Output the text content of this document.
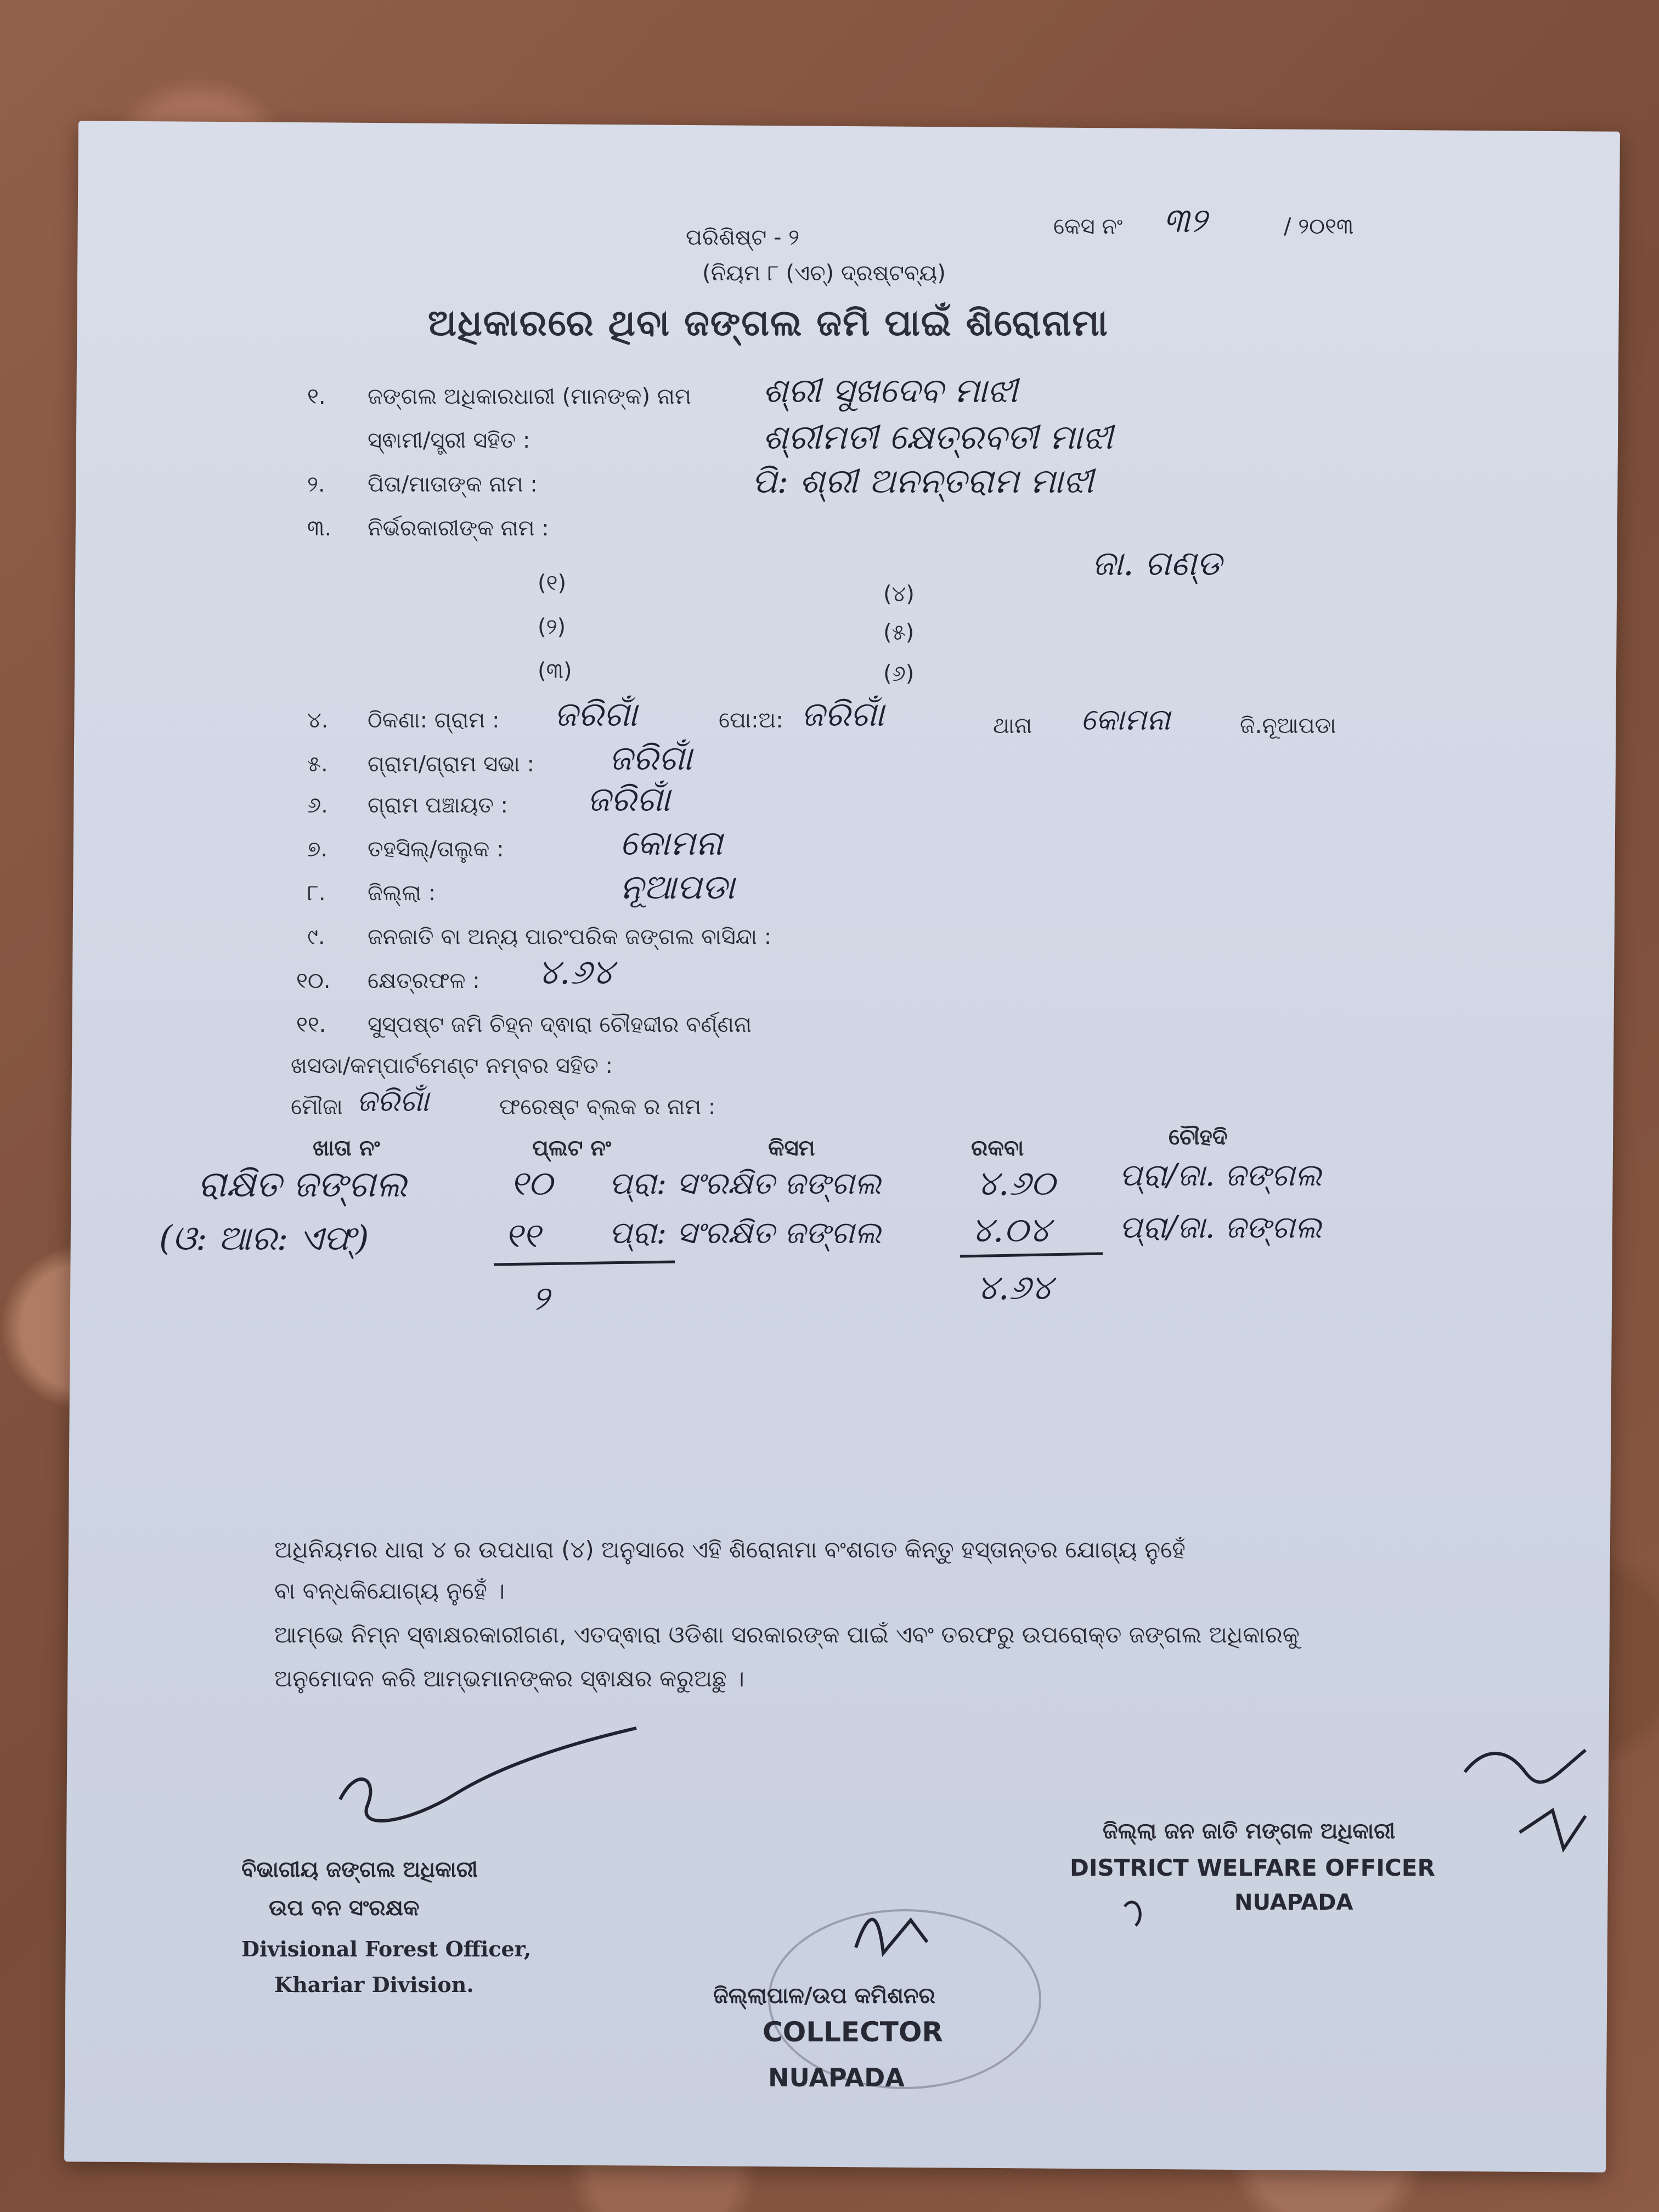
ପରିଶିଷ୍ଟ - ୨	କେସ ନଂ ୩୨	/ ୨୦୧୩
(ନିୟମ ୮ (ଏଚ୍) ଦ୍ରଷ୍ଟବ୍ୟ)
ଅଧିକାରରେ ଥିବା ଜଙ୍ଗଲ ଜମି ପାଇଁ ଶିରୋନାମା
୧. ଜଙ୍ଗଲ ଅଧିକାରଧାରୀ (ମାନଙ୍କ) ନାମ ଶ୍ରୀ ସୁଖଦେବ ମାଝୀ
ସ୍ଵାମୀ/ସ୍ତ୍ରୀ ସହିତ :	ଶ୍ରୀମତୀ କ୍ଷେତ୍ରବତୀ ମାଝୀ
୨. ପିତା/ମାତାଙ୍କ ନାମ :	ପି: ଶ୍ରୀ ଅନନ୍ତରାମ ମାଝୀ
୩. ନିର୍ଭରକାରୀଙ୍କ ନାମ :
ଜା. ଗଣ୍ଡ
(୧)
(୨)
(୩)
(୪)
(୫)
(୬)
୪. ଠିକଣା: ଗ୍ରାମ : ଜରିଗାଁ	ପୋ:ଅ: ଜରିଗାଁ	ଥାନା କୋମନା	ଜି.ନୂଆପଡା
୫. ଗ୍ରାମ/ଗ୍ରାମ ସଭା : ଜରିଗାଁ
୬. ଗ୍ରାମ ପଞ୍ଚାୟତ : ଜରିଗାଁ
୭. ତହସିଲ୍/ତାଲୁକ :	କୋମନା
୮. ଜିଲ୍ଲା :	ନୂଆପଡା
୯. ଜନଜାତି ବା ଅନ୍ୟ ପାରଂପରିକ ଜଙ୍ଗଲ ବାସିନ୍ଦା :
୧୦. କ୍ଷେତ୍ରଫଳ : ୪.୬୪
୧୧. ସୁସ୍ପଷ୍ଟ ଜମି ଚିହ୍ନ ଦ୍ଵାରା ଚୌହଦ୍ଦୀର ବର୍ଣ୍ଣନା
ଖସଡା/କମ୍ପାର୍ଟମେଣ୍ଟ ନମ୍ବର ସହିତ :
ମୌଜା ଜରିଗାଁ	ଫରେଷ୍ଟ ବ୍ଲକ ର ନାମ :
ଖାତା ନଂ	ପ୍ଲଟ ନଂ	କିସମ	ରକବା	ଚୌହଦି
ରାକ୍ଷିତ ଜଙ୍ଗଲ
(ଓ: ଆର: ଏଫ୍)
୧୦ ପ୍ରା: ସଂରକ୍ଷିତ ଜଙ୍ଗଲ	୪.୬୦ ପ୍ରା/ଜା. ଜଙ୍ଗଲ
୧୧ ପ୍ରା: ସଂରକ୍ଷିତ ଜଙ୍ଗଲ	୪.୦୪ ପ୍ରା/ଜା. ଜଙ୍ଗଲ
୨	୪.୬୪
ଅଧିନିୟମର ଧାରା ୪ ର ଉପଧାରା (୪) ଅନୁସାରେ ଏହି ଶିରୋନାମା ବଂଶଗତ କିନ୍ତୁ ହସ୍ତାନ୍ତର ଯୋଗ୍ୟ ନୁହେଁ
ବା ବନ୍ଧକିଯୋଗ୍ୟ ନୁହେଁ ।
ଆମ୍ଭେ ନିମ୍ନ ସ୍ଵାକ୍ଷରକାରୀଗଣ, ଏତଦ୍ଵାରା ଓଡିଶା ସରକାରଙ୍କ ପାଇଁ ଏବଂ ତରଫରୁ ଉପରୋକ୍ତ ଜଙ୍ଗଲ ଅଧିକାରକୁ
ଅନୁମୋଦନ କରି ଆମ୍ଭମାନଙ୍କର ସ୍ଵାକ୍ଷର କରୁଅଛୁ ।
ବିଭାଗୀୟ ଜଙ୍ଗଲ ଅଧିକାରୀ
ଉପ ବନ ସଂରକ୍ଷକ
Divisional Forest Officer,
Khariar Division.
ଜିଲ୍ଲା ଜନ ଜାତି ମଙ୍ଗଳ ଅଧିକାରୀ
DISTRICT WELFARE OFFICER
NUAPADA
ଜିଲ୍ଲାପାଳ/ଉପ କମିଶନର
COLLECTOR
NUAPADA
